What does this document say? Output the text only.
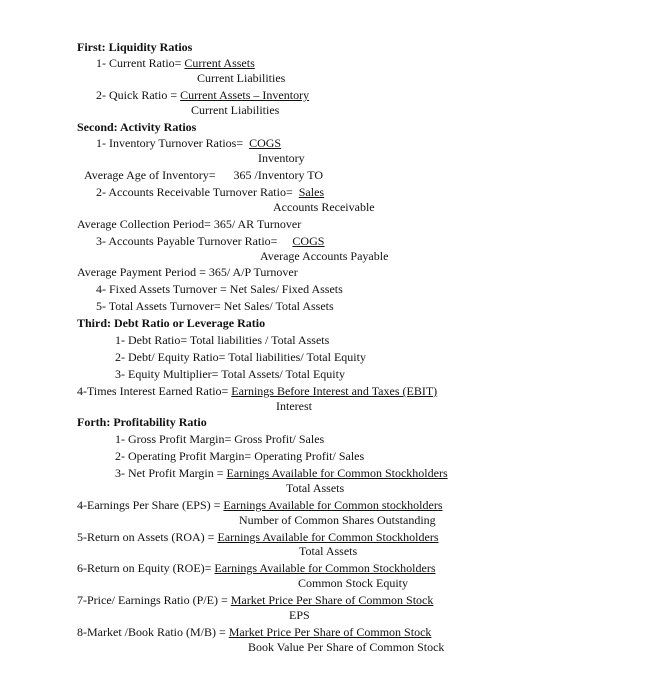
First: Liquidity Ratios
1- Current Ratio= Current Assets
Current Liabilities
2- Quick Ratio = Current Assets – Inventory
Current Liabilities
Second: Activity Ratios
1- Inventory Turnover Ratios=  COGS
Inventory
Average Age of Inventory=      365 /Inventory TO
2- Accounts Receivable Turnover Ratio=  Sales
Accounts Receivable
Average Collection Period= 365/ AR Turnover
3- Accounts Payable Turnover Ratio=     COGS
Average Accounts Payable
Average Payment Period = 365/ A/P Turnover
4- Fixed Assets Turnover = Net Sales/ Fixed Assets
5- Total Assets Turnover= Net Sales/ Total Assets
Third: Debt Ratio or Leverage Ratio
1- Debt Ratio= Total liabilities / Total Assets
2- Debt/ Equity Ratio= Total liabilities/ Total Equity
3- Equity Multiplier= Total Assets/ Total Equity
4-Times Interest Earned Ratio= Earnings Before Interest and Taxes (EBIT)
Interest
Forth: Profitability Ratio
1- Gross Profit Margin= Gross Profit/ Sales
2- Operating Profit Margin= Operating Profit/ Sales
3- Net Profit Margin = Earnings Available for Common Stockholders
Total Assets
4-Earnings Per Share (EPS) = Earnings Available for Common stockholders
Number of Common Shares Outstanding
5-Return on Assets (ROA) = Earnings Available for Common Stockholders
Total Assets
6-Return on Equity (ROE)= Earnings Available for Common Stockholders
Common Stock Equity
7-Price/ Earnings Ratio (P/E) = Market Price Per Share of Common Stock
EPS
8-Market /Book Ratio (M/B) = Market Price Per Share of Common Stock
Book Value Per Share of Common Stock
